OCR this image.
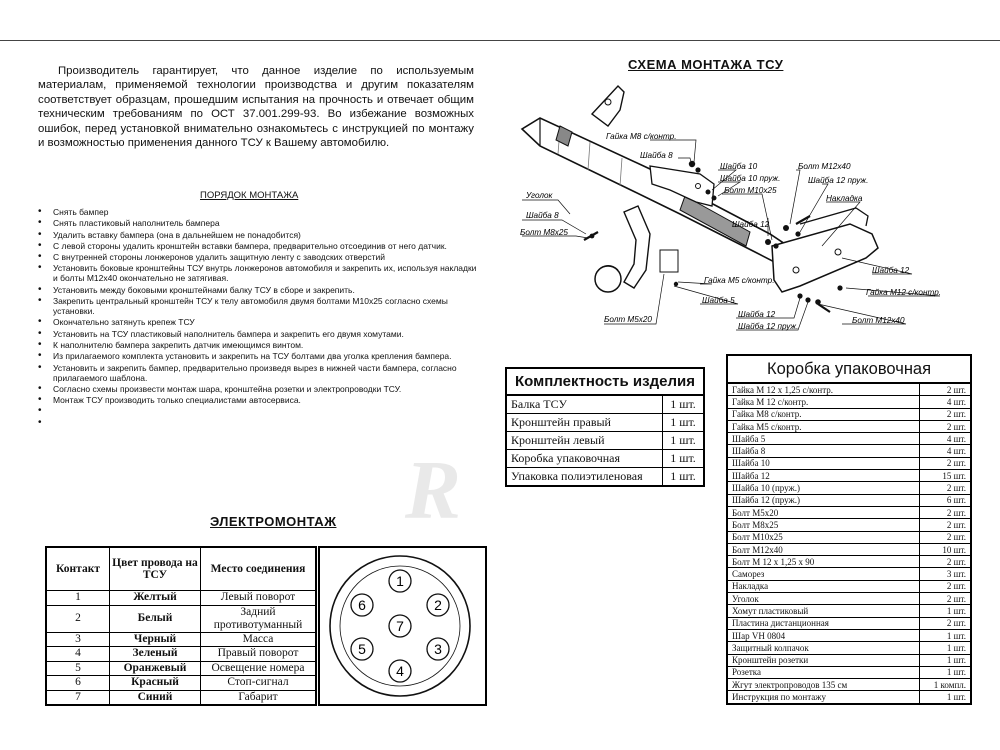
Производитель гарантирует, что данное изделие по используемым материалам, применяемой технологии производства и другим показателям соответствует образцам, прошедшим испытания на прочность и отвечает общим техническим требованиям по ОСТ 37.001.299-93. Во избежание возможных ошибок, перед установкой внимательно ознакомьтесь с инструкцией по монтажу и возможностью применения данного ТСУ к Вашему автомобилю.

ПОРЯДОК МОНТАЖА
• Снять бампер
• Снять пластиковый наполнитель бампера
• Удалить вставку бампера (она в дальнейшем не понадобится)
• С левой стороны удалить кронштейн вставки бампера, предварительно отсоединив от него датчик.
• С внутренней стороны лонжеронов удалить защитную ленту с заводских отверстий
• Установить боковые кронштейны ТСУ внутрь лонжеронов автомобиля и закрепить их, используя накладки и болты М12х40 окончательно не затягивая.
• Установить между боковыми кронштейнами балку ТСУ в сборе и закрепить.
• Закрепить центральный кронштейн ТСУ к телу автомобиля двумя болтами М10х25 согласно схемы установки.
• Окончательно затянуть крепеж ТСУ
• Установить на ТСУ пластиковый наполнитель бампера и закрепить его двумя хомутами.
• К наполнителю бампера закрепить датчик имеющимся винтом.
• Из прилагаемого комплекта установить и закрепить на ТСУ болтами два уголка крепления бампера.
• Установить и закрепить бампер, предварительно произведя вырез в нижней части бампера, согласно прилагаемого шаблона.
• Согласно схемы произвести монтаж шара, кронштейна розетки и электропроводки ТСУ.
• Монтаж ТСУ производить только специалистами автосервиса.
•
•
СХЕМА МОНТАЖА ТСУ
Гайка М8 с/контр.
Шайба 8
Шайба 10
Шайба 10 пруж.
Болт М10х25
Шайба 12
Болт М12х40
Шайба 12 пруж.
Накладка
Уголок
Шайба 8
Болт М8х25
Гайка М5 с/контр.
Шайба 5
Болт М5х20
Шайба 12
Гайка М12 с/контр.
Шайба 12
Шайба 12 пруж.
Болт М12х40
R
Комплектность изделия
Балка ТСУ	1 шт.
Кронштейн правый	1 шт.
Кронштейн левый	1 шт.
Коробка упаковочная	1 шт.
Упаковка полиэтиленовая	1 шт.
Коробка упаковочная
Гайка М 12 х 1,25 с/контр.	2 шт.
Гайка М 12 с/контр.	4 шт.
Гайка М8 с/контр.	2 шт.
Гайка М5 с/контр.	2 шт.
Шайба 5	4 шт.
Шайба 8	4 шт.
Шайба 10	2 шт.
Шайба 12	15 шт.
Шайба 10 (пруж.)	2 шт.
Шайба 12 (пруж.)	6 шт.
Болт М5х20	2 шт.
Болт М8х25	2 шт.
Болт М10х25	2 шт.
Болт М12х40	10 шт.
Болт М 12 х 1,25 х 90	2 шт.
Саморез	3 шт.
Накладка	2 шт.
Уголок	2 шт.
Хомут пластиковый	1 шт.
Пластина дистанционная	2 шт.
Шар VH 0804	1 шт.
Защитный колпачок	1 шт.
Кронштейн розетки	1 шт.
Розетка	1 шт.
Жгут электропроводов 135 см	1 компл.
Инструкция по монтажу	1 шт.
ЭЛЕКТРОМОНТАЖ
Контакт	Цвет провода на ТСУ	Место соединения
1	Желтый	Левый поворот
2	Белый	Задний противотуманный
3	Черный	Масса
4	Зеленый	Правый поворот
5	Оранжевый	Освещение номера
6	Красный	Стоп-сигнал
7	Синий	Габарит
1
2
3
4
5
6
7
